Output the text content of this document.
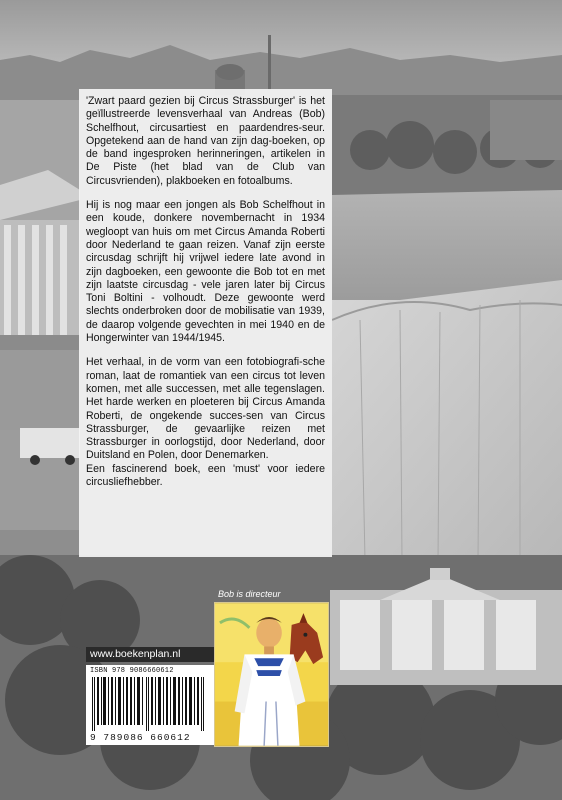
'Zwart paard gezien bij Circus Strassburger' is het geïllustreerde levensverhaal van Andreas (Bob) Schelfhout, circusartiest en paardendres-seur. Opgetekend aan de hand van zijn dag-boeken, op de band ingesproken herinneringen, artikelen in De Piste (het blad van de Club van Circusvrienden), plakboeken en fotoalbums.

Hij is nog maar een jongen als Bob Schelfhout in een koude, donkere novembernacht in 1934 wegloopt van huis om met Circus Amanda Roberti door Nederland te gaan reizen. Vanaf zijn eerste circusdag schrijft hij vrijwel iedere late avond in zijn dagboeken, een gewoonte die Bob tot en met zijn laatste circusdag - vele jaren later bij Circus Toni Boltini - volhoudt. Deze gewoonte werd slechts onderbroken door de mobilisatie van 1939, de daarop volgende gevechten in mei 1940 en de Hongerwinter van 1944/1945.

Het verhaal, in de vorm van een fotobiografi-sche roman, laat de romantiek van een circus tot leven komen, met alle successen, met alle tegenslagen. Het harde werken en ploeteren bij Circus Amanda Roberti, de ongekende succes-sen van Circus Strassburger, de gevaarlijke reizen met Strassburger in oorlogstijd, door Nederland, door Duitsland en Polen, door Denemarken.

Een fascinerend boek, een 'must' voor iedere circusliefhebber.

www.boekenplan.nl
ISBN 978 9086660612
9 789086 660612
Bob is directeur
